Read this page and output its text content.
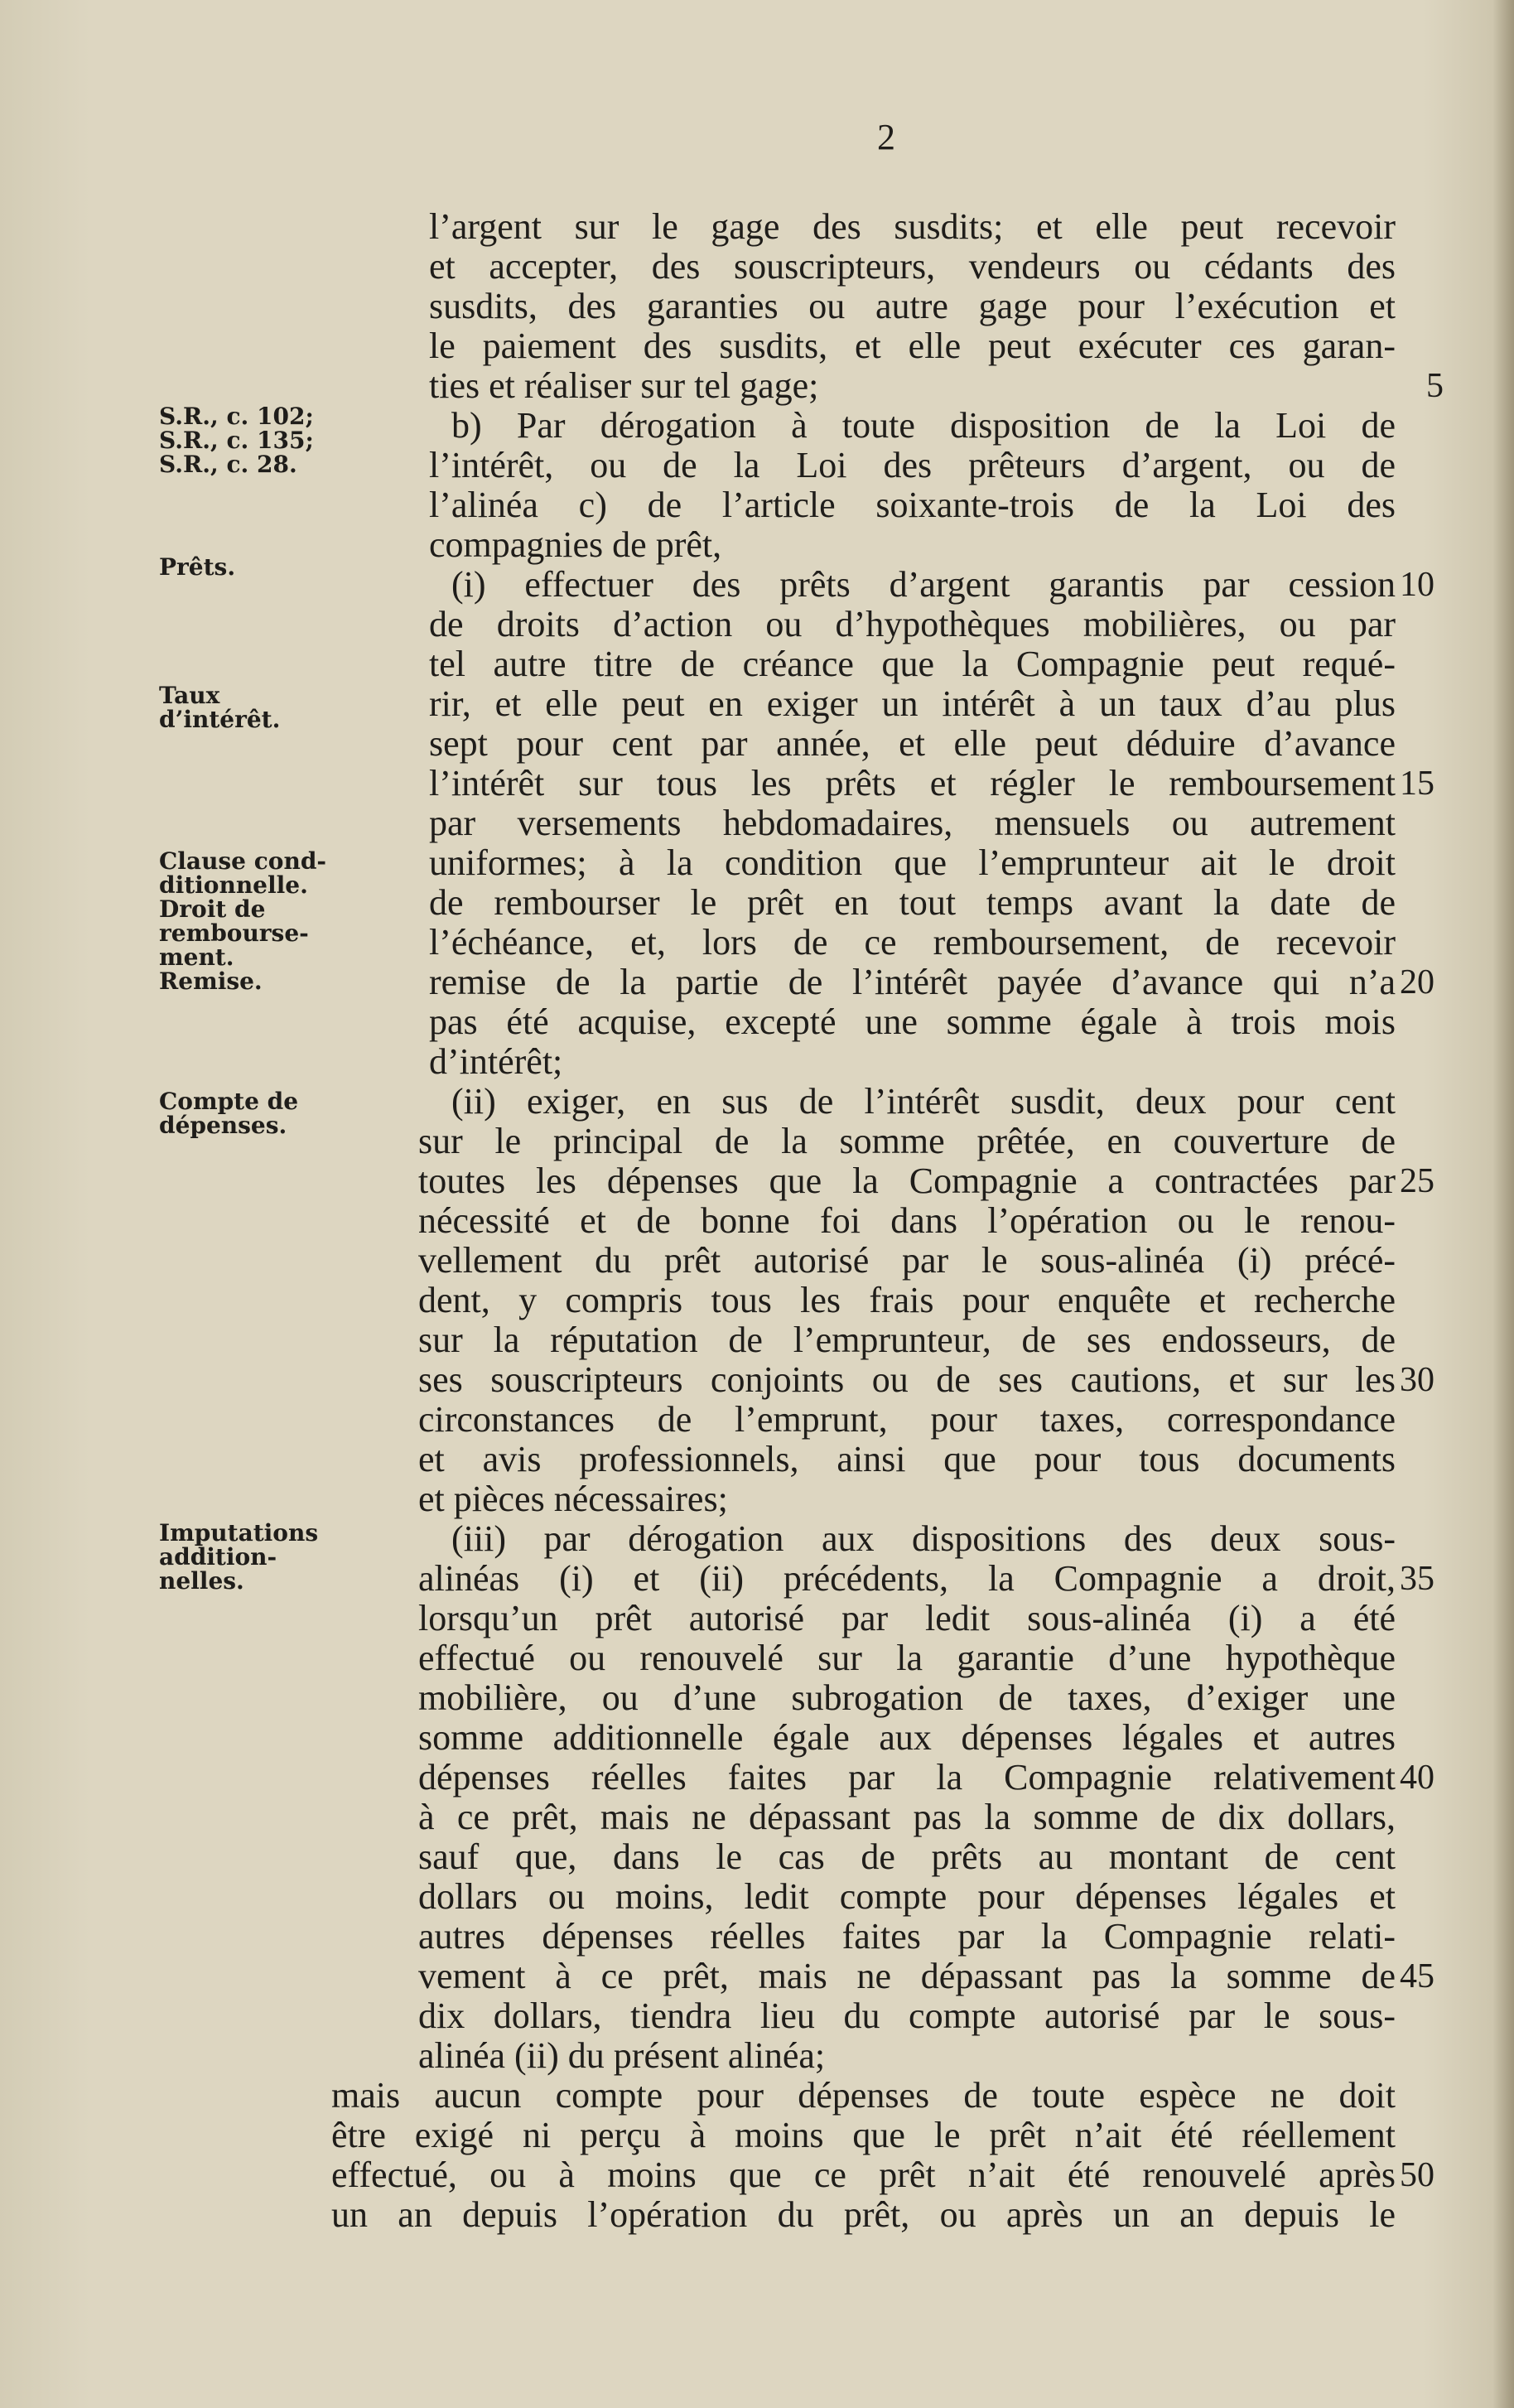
2
l’argent sur le gage des susdits; et elle peut recevoir
et accepter, des souscripteurs, vendeurs ou cédants des
susdits, des garanties ou autre gage pour l’exécution et
le paiement des susdits, et elle peut exécuter ces garan-
ties et réaliser sur tel gage;
b) Par dérogation à toute disposition de la Loi de
l’intérêt, ou de la Loi des prêteurs d’argent, ou de
l’alinéa c) de l’article soixante-trois de la Loi des
compagnies de prêt,
(i) effectuer des prêts d’argent garantis par cession
de droits d’action ou d’hypothèques mobilières, ou par
tel autre titre de créance que la Compagnie peut requé-
rir, et elle peut en exiger un intérêt à un taux d’au plus
sept pour cent par année, et elle peut déduire d’avance
l’intérêt sur tous les prêts et régler le remboursement
par versements hebdomadaires, mensuels ou autrement
uniformes; à la condition que l’emprunteur ait le droit
de rembourser le prêt en tout temps avant la date de
l’échéance, et, lors de ce remboursement, de recevoir
remise de la partie de l’intérêt payée d’avance qui n’a
pas été acquise, excepté une somme égale à trois mois
d’intérêt;
(ii) exiger, en sus de l’intérêt susdit, deux pour cent
sur le principal de la somme prêtée, en couverture de
toutes les dépenses que la Compagnie a contractées par
nécessité et de bonne foi dans l’opération ou le renou-
vellement du prêt autorisé par le sous-alinéa (i) précé-
dent, y compris tous les frais pour enquête et recherche
sur la réputation de l’emprunteur, de ses endosseurs, de
ses souscripteurs conjoints ou de ses cautions, et sur les
circonstances de l’emprunt, pour taxes, correspondance
et avis professionnels, ainsi que pour tous documents
et pièces nécessaires;
(iii) par dérogation aux dispositions des deux sous-
alinéas (i) et (ii) précédents, la Compagnie a droit,
lorsqu’un prêt autorisé par ledit sous-alinéa (i) a été
effectué ou renouvelé sur la garantie d’une hypothèque
mobilière, ou d’une subrogation de taxes, d’exiger une
somme additionnelle égale aux dépenses légales et autres
dépenses réelles faites par la Compagnie relativement
à ce prêt, mais ne dépassant pas la somme de dix dollars,
sauf que, dans le cas de prêts au montant de cent
dollars ou moins, ledit compte pour dépenses légales et
autres dépenses réelles faites par la Compagnie relati-
vement à ce prêt, mais ne dépassant pas la somme de
dix dollars, tiendra lieu du compte autorisé par le sous-
alinéa (ii) du présent alinéa;
mais aucun compte pour dépenses de toute espèce ne doit
être exigé ni perçu à moins que le prêt n’ait été réellement
effectué, ou à moins que ce prêt n’ait été renouvelé après
un an depuis l’opération du prêt, ou après un an depuis le
5
10
15
20
25
30
35
40
45
50
S.R., c. 102;
S.R., c. 135;
S.R., c. 28.
Prêts.
Taux
d’intérêt.
Clause cond-
ditionnelle.
Droit de
rembourse-
ment.
Remise.
Compte de
dépenses.
Imputations
addition-
nelles.
